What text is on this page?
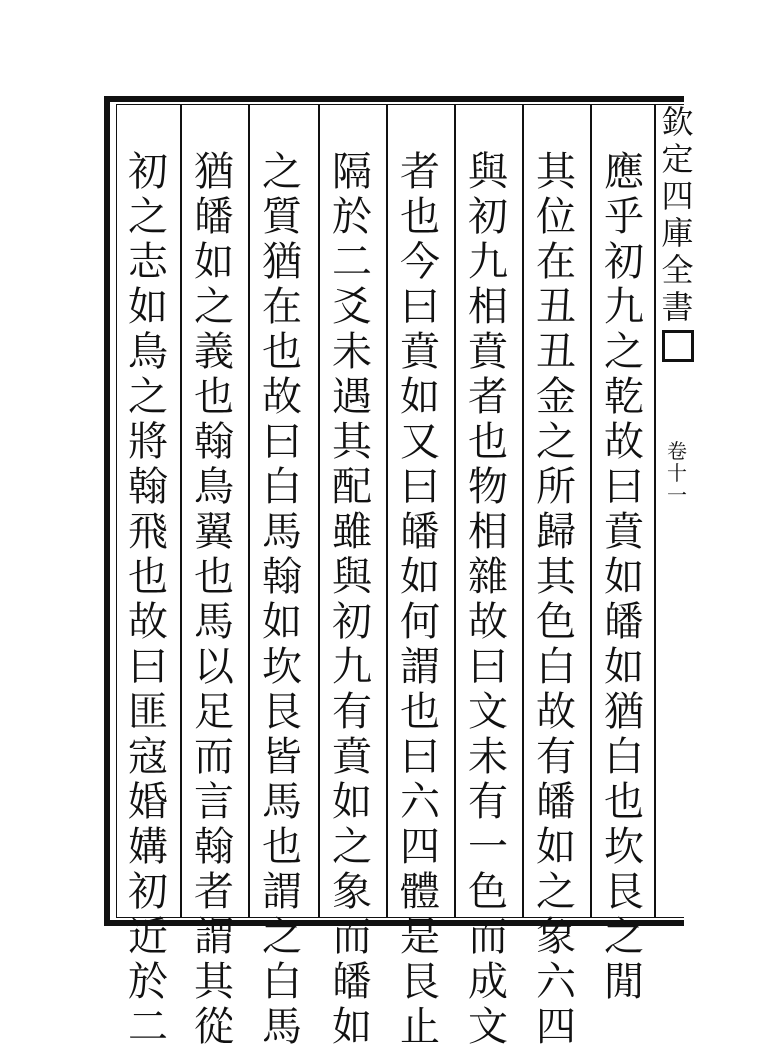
欽
定
四
庫
全
書
卷
十
一
應
乎
初
九
之
乾
故
曰
賁
如
皤
如
猶
白
也
坎
艮
之
閒
其
位
在
丑
丑
金
之
所
歸
其
色
白
故
有
皤
如
之
象
六
四
與
初
九
相
賁
者
也
物
相
雜
故
曰
文
未
有
一
色
而
成
文
者
也
今
曰
賁
如
又
曰
皤
如
何
謂
也
曰
六
四
體
是
艮
止
隔
於
二
爻
未
遇
其
配
雖
與
初
九
有
賁
如
之
象
而
皤
如
之
質
猶
在
也
故
曰
白
馬
翰
如
坎
艮
皆
馬
也
謂
之
白
馬
猶
皤
如
之
義
也
翰
鳥
翼
也
馬
以
足
而
言
翰
者
謂
其
從
初
之
志
如
鳥
之
將
翰
飛
也
故
曰
匪
寇
婚
媾
初
近
於
二
